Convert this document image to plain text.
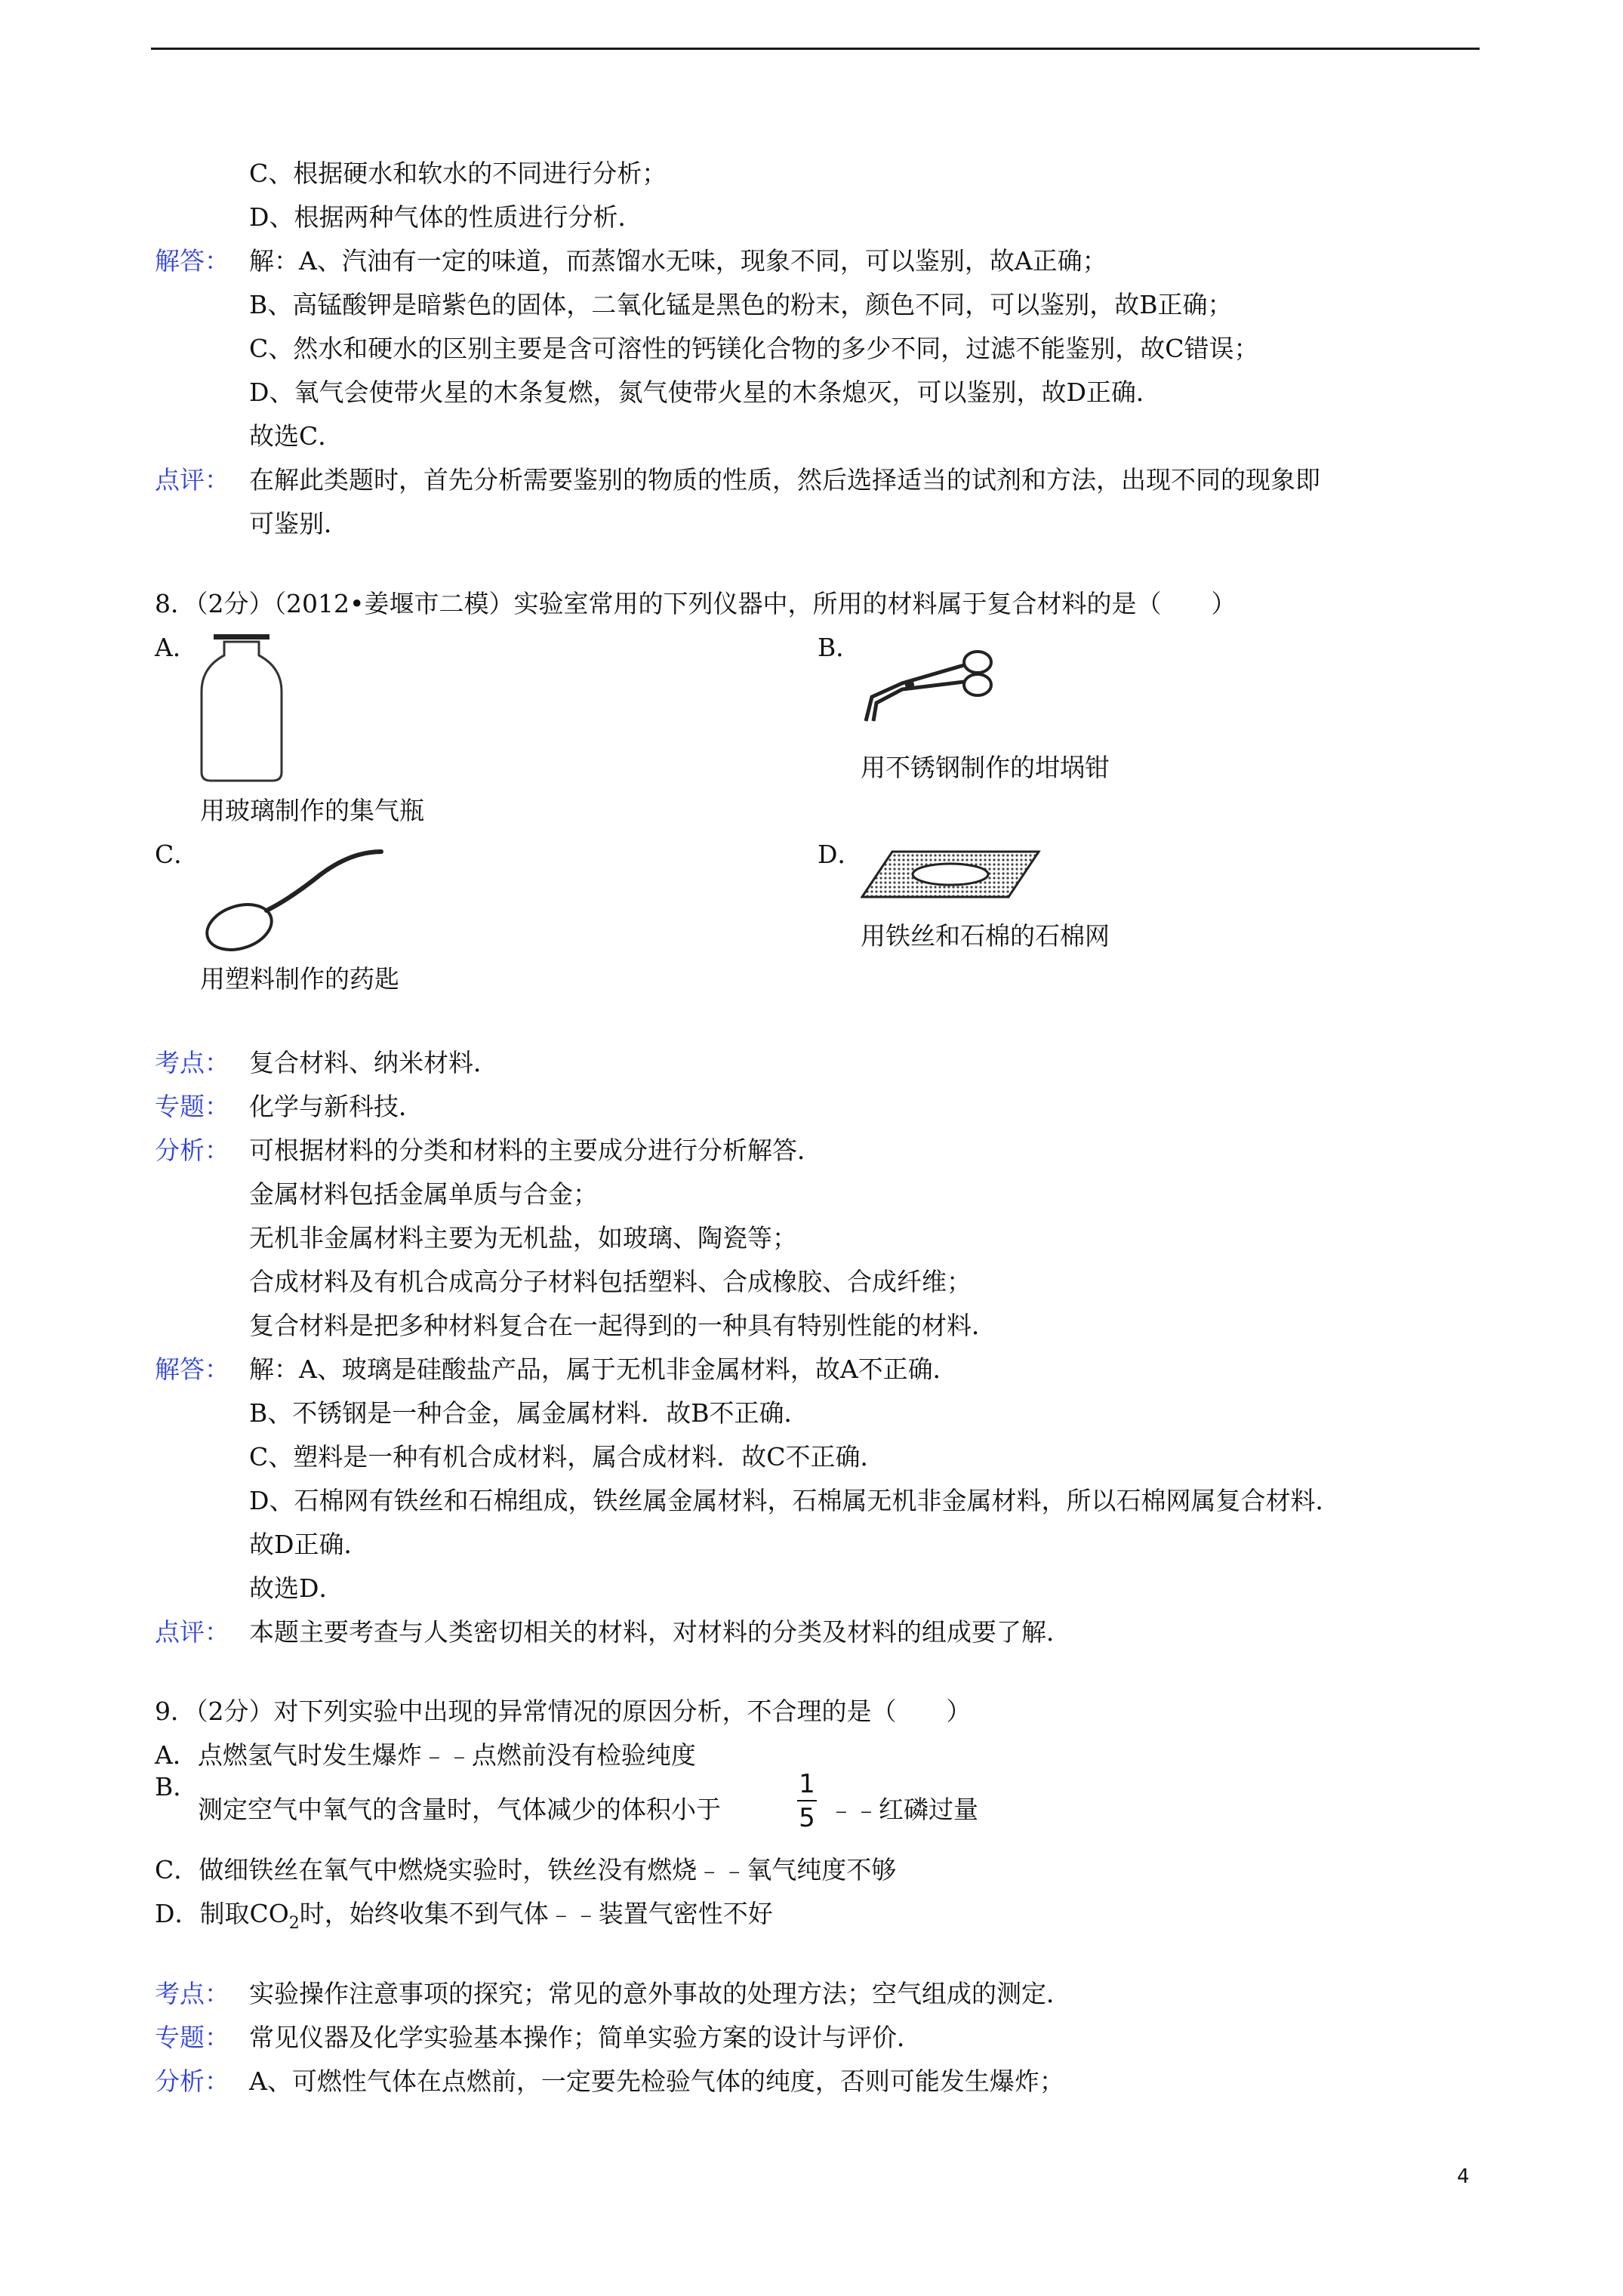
C、根据硬水和软水的不同进行分析；
D、根据两种气体的性质进行分析．
解答： 解：A、汽油有一定的味道，而蒸馏水无味，现象不同，可以鉴别，故A正确；
B、高锰酸钾是暗紫色的固体，二氧化锰是黑色的粉末，颜色不同，可以鉴别，故B正确；
C、然水和硬水的区别主要是含可溶性的钙镁化合物的多少不同，过滤不能鉴别，故C错误；
D、氧气会使带火星的木条复燃，氮气使带火星的木条熄灭，可以鉴别，故D正确．
故选C．
点评： 在解此类题时，首先分析需要鉴别的物质的性质，然后选择适当的试剂和方法，出现不同的现象即
可鉴别．
8．（2分）（2012•姜堰市二模）实验室常用的下列仪器中，所用的材料属于复合材料的是（　　）
A．
用玻璃制作的集气瓶
B．
用不锈钢制作的坩埚钳
C．
用塑料制作的药匙
D．
用铁丝和石棉的石棉网
考点： 复合材料、纳米材料．
专题： 化学与新科技．
分析： 可根据材料的分类和材料的主要成分进行分析解答．
金属材料包括金属单质与合金；
无机非金属材料主要为无机盐，如玻璃、陶瓷等；
合成材料及有机合成高分子材料包括塑料、合成橡胶、合成纤维；
复合材料是把多种材料复合在一起得到的一种具有特别性能的材料．
解答： 解：A、玻璃是硅酸盐产品，属于无机非金属材料，故A不正确．
B、不锈钢是一种合金，属金属材料．故B不正确．
C、塑料是一种有机合成材料，属合成材料．故C不正确．
D、石棉网有铁丝和石棉组成，铁丝属金属材料，石棉属无机非金属材料，所以石棉网属复合材料．
故D正确．
故选D．
点评： 本题主要考查与人类密切相关的材料，对材料的分类及材料的组成要了解．
9．（2分）对下列实验中出现的异常情况的原因分析，不合理的是（　　）
A．点燃氢气时发生爆炸﹣﹣点燃前没有检验纯度
B．
测定空气中氧气的含量时，气体减少的体积小于
1
5 ﹣﹣红磷过量
C．做细铁丝在氧气中燃烧实验时，铁丝没有燃烧﹣﹣氧气纯度不够
D．制取$CO_2$时，始终收集不到气体﹣﹣装置气密性不好
考点： 实验操作注意事项的探究；常见的意外事故的处理方法；空气组成的测定．
专题： 常见仪器及化学实验基本操作；简单实验方案的设计与评价．
分析： A、可燃性气体在点燃前，一定要先检验气体的纯度，否则可能发生爆炸；
4
